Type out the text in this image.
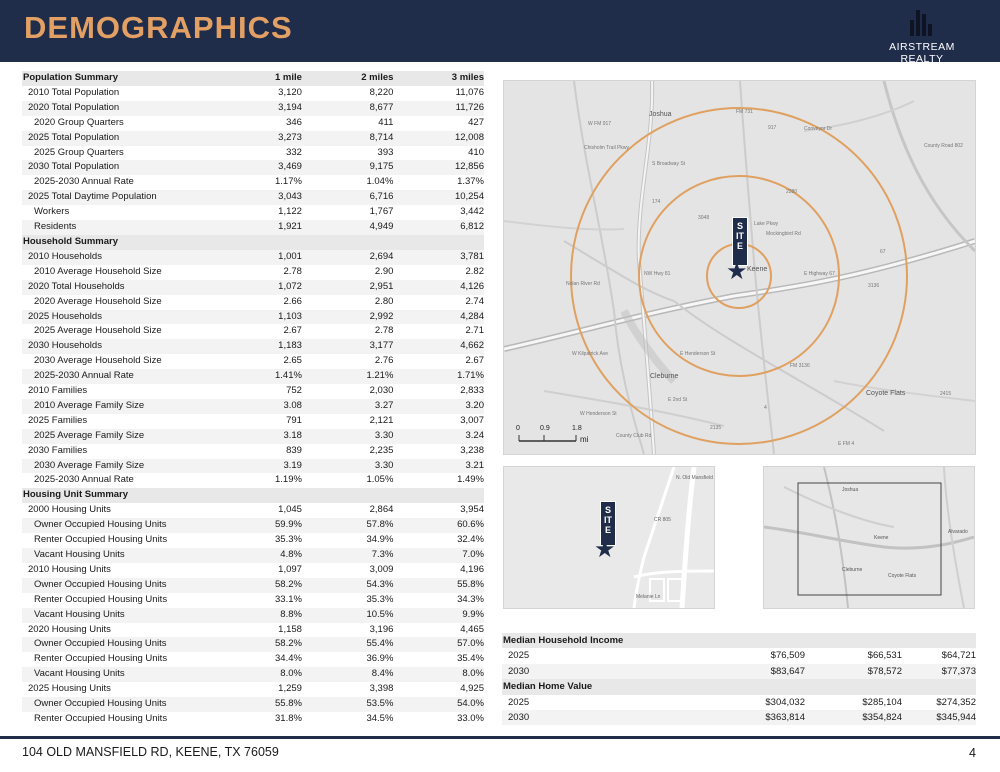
DEMOGRAPHICS
AIRSTREAM REALTY
Population Summary	1 mile	2 miles	3 miles
2010 Total Population	3,120	8,220	11,076
2020 Total Population	3,194	8,677	11,726
2020 Group Quarters	346	411	427
2025 Total Population	3,273	8,714	12,008
2025 Group Quarters	332	393	410
2030 Total Population	3,469	9,175	12,856
2025-2030 Annual Rate	1.17%	1.04%	1.37%
2025 Total Daytime Population	3,043	6,716	10,254
Workers	1,122	1,767	3,442
Residents	1,921	4,949	6,812
Household Summary			
2010 Households	1,001	2,694	3,781
2010 Average Household Size	2.78	2.90	2.82
2020 Total Households	1,072	2,951	4,126
2020 Average Household Size	2.66	2.80	2.74
2025 Households	1,103	2,992	4,284
2025 Average Household Size	2.67	2.78	2.71
2030 Households	1,183	3,177	4,662
2030 Average Household Size	2.65	2.76	2.67
2025-2030 Annual Rate	1.41%	1.21%	1.71%
2010 Families	752	2,030	2,833
2010 Average Family Size	3.08	3.27	3.20
2025 Families	791	2,121	3,007
2025 Average Family Size	3.18	3.30	3.24
2030 Families	839	2,235	3,238
2030 Average Family Size	3.19	3.30	3.21
2025-2030 Annual Rate	1.19%	1.05%	1.49%
Housing Unit Summary			
2000 Housing Units	1,045	2,864	3,954
Owner Occupied Housing Units	59.9%	57.8%	60.6%
Renter Occupied Housing Units	35.3%	34.9%	32.4%
Vacant Housing Units	4.8%	7.3%	7.0%
2010 Housing Units	1,097	3,009	4,196
Owner Occupied Housing Units	58.2%	54.3%	55.8%
Renter Occupied Housing Units	33.1%	35.3%	34.3%
Vacant Housing Units	8.8%	10.5%	9.9%
2020 Housing Units	1,158	3,196	4,465
Owner Occupied Housing Units	58.2%	55.4%	57.0%
Renter Occupied Housing Units	34.4%	36.9%	35.4%
Vacant Housing Units	8.0%	8.4%	8.0%
2025 Housing Units	1,259	3,398	4,925
Owner Occupied Housing Units	55.8%	53.5%	54.0%
Renter Occupied Housing Units	31.8%	34.5%	33.0%
Joshua
Cleburne
Coyote Flats
Keene
W FM 917
FM 731
Conveyor Dr
917
2280
Chisholm Trail Pkwy
S Broadway St
174
3048
Lake Pkwy
Mockingbird Rd
67
3136
E Highway 67
Nolan River Rd
W Kilpatrick Ave
FM 3136
E Henderson St
2135
W Henderson St
E 2nd St
County Club Rd
4
2415
E FM 4
County Road 802
NW Hwy 81
0	0.9	1.8
mi
SITE
★
N. Old Mansfield
CR 805
Melanie Ln
SITE
★
Joshua
Keene
Cleburne
Coyote Flats
Alvarado
Median Household Income			
2025	$76,509	$66,531	$64,721
2030	$83,647	$78,572	$77,373
Median Home Value			
2025	$304,032	$285,104	$274,352
2030	$363,814	$354,824	$345,944
104 OLD MANSFIELD RD, KEENE, TX 76059	4
